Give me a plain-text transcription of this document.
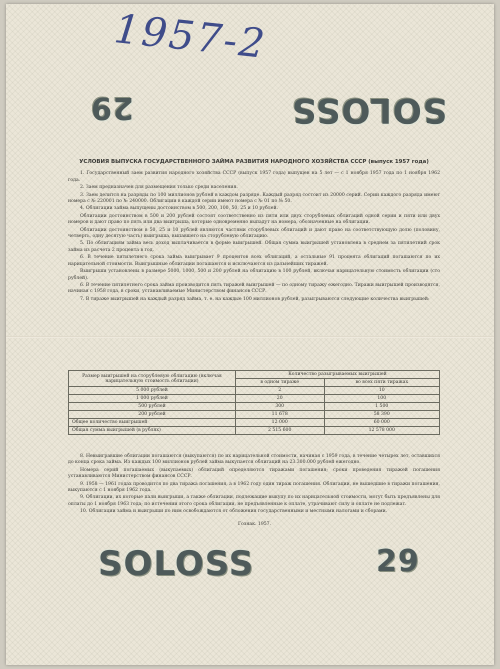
1957-2
29	SOLOSS
УСЛОВИЯ ВЫПУСКА ГОСУДАРСТВЕННОГО ЗАЙМА РАЗВИТИЯ НАРОДНОГО ХОЗЯЙСТВА СССР (выпуск 1957 года)

1. Государственный заем развития народного хозяйства СССР (выпуск 1957 года) выпущен на 5 лет — с 1 ноября 1957 года по 1 ноября 1962 года.

2. Заем предназначен для размещения только среди населения.

3. Заем делится на разряды по 100 миллионов рублей в каждом разряде. Каждый разряд состоит из 20000 серий. Серии каждого разряда имеют номера с № 220001 по № 240000. Облигации в каждой серии имеют номера с № 01 по № 50.

4. Облигации займа выпущены достоинством в 500, 200, 100, 50, 25 и 10 рублей.

Облигации достоинством в 500 и 200 рублей состоят соответственно из пяти или двух сторублевых облигаций одной серии и пяти или двух номеров и дают право по пять или два выигрыша, которые одновременно выпадут на номера, обозначенные на облигации.

Облигации достоинством в 50, 25 и 10 рублей являются частями сторублевых облигаций и дают право на соответствующую долю (половину, четверть, одну десятую часть) выигрыша, выпавшего на сторублевую облигацию.

5. По облигациям займа весь доход выплачивается в форме выигрышей. Общая сумма выигрышей установлена в среднем за пятилетний срок займа из расчета 2 процента в год.

6. В течение пятилетнего срока займа выигрывает 9 процентов всех облигаций, а остальные 91 процента облигаций погашаются по их нарицательной стоимости. Выигрышные облигации погашаются и исключаются из дальнейших тиражей.

Выигрыши установлены в размере 5000, 1000, 500 и 200 рублей на облигацию в 100 рублей, включая нарицательную стоимость облигации (сто рублей).

6. В течение пятилетнего срока займа производится пять тиражей выигрышей — по одному тиражу ежегодно. Тиражи выигрышей производятся, начиная с 1958 года, в сроки, устанавливаемые Министерством финансов СССР.

7. В тираже выигрышей на каждый разряд займа, т. е. на каждые 100 миллионов рублей, разыгрываются следующие количества выигрышей:

Размер выигрышей на сторублевую облигацию (включая нарицательную стоимость облигации)	Количество разыгрываемых выигрышей	
	в одном тираже	во всех пяти тиражах
5 000 рублей	2	10
1 000 рублей	20	100
500 рублей	300	1 500
200 рублей	11 678	58 390
Общее количество выигрышей	12 000	60 000
Общая сумма выигрышей (в рублях)	2 515 600	12 578 000

8. Невыигравшие облигации погашаются (выкупаются) по их нарицательной стоимости, начиная с 1959 года, в течение четырех лет, оставшихся до конца срока займа. Из каждых 100 миллионов рублей займа выкупается облигаций на 23.300.000 рублей ежегодно.

Номера серий погашаемых (выкупаемых) облигаций определяются тиражами погашения; сроки проведения тиражей погашения устанавливаются Министерством финансов СССР.

9. 1958 — 1961 годах проводится по два тиража погашения, а в 1962 году один тираж погашения. Облигации, не вышедшие в тиражи погашения, выкупаются с 1 ноября 1962 года.

9. Облигации, их которые пали выигрыши, а также облигации, подлежащие выкупу по их нарицательной стоимости, могут быть предъявлены для оплаты до 1 ноября 1963 года; по истечении этого срока облигации, не предъявленные к оплате, утрачивают силу и оплате не подлежат.

10. Облигации займа и выигрыши по ним освобождаются от обложения государственными и местными налогами и сборами.

Гознак. 1957.
SOLOSS	29
